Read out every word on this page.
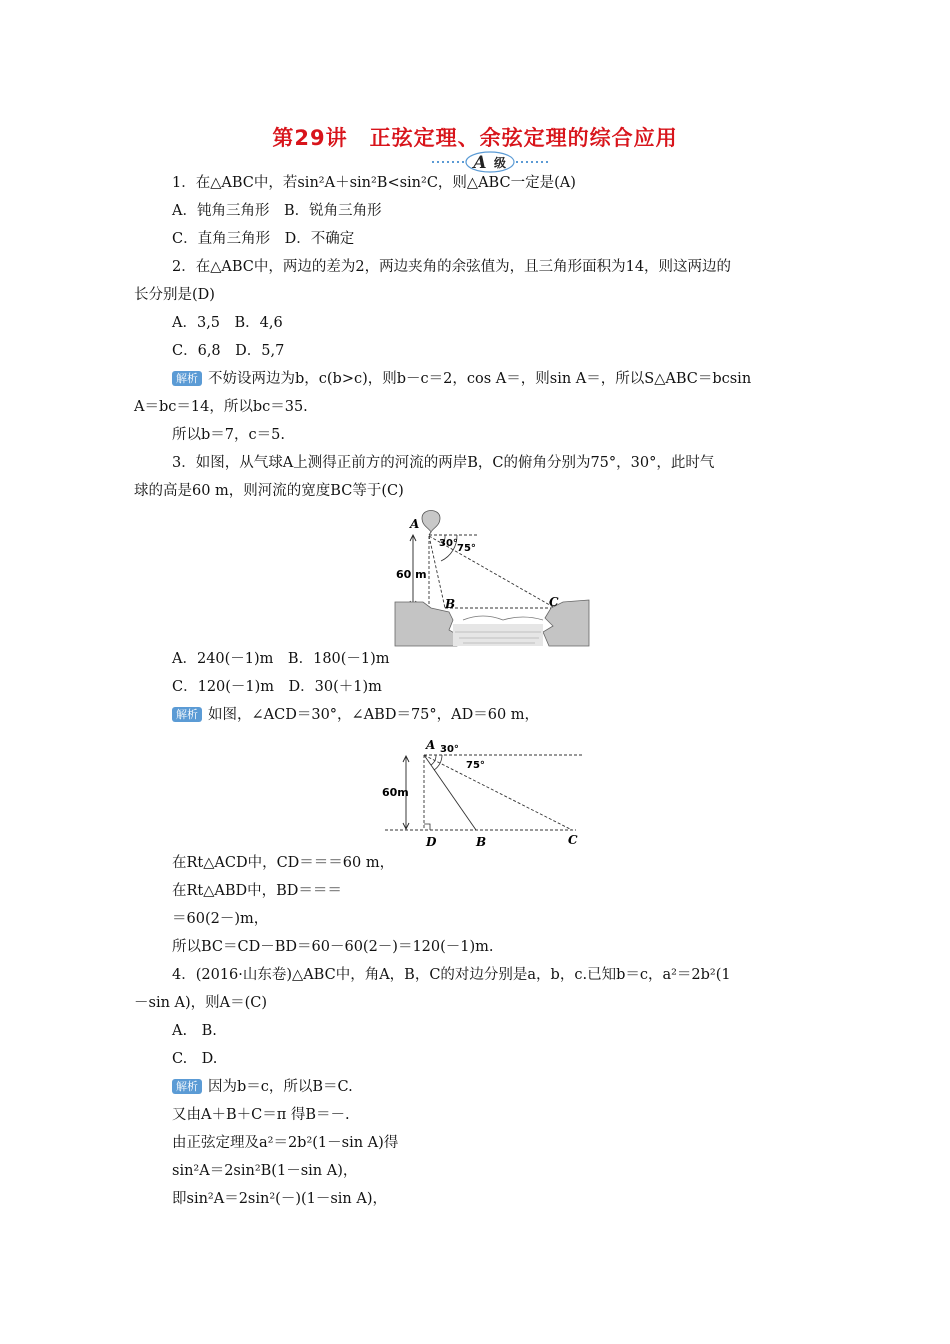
第29讲　正弦定理、余弦定理的综合应用
A 级
1．在△ABC中，若sin²A＋sin²B<sin²C，则△ABC一定是(A)
A．钝角三角形　B．锐角三角形
C．直角三角形　D．不确定
2．在△ABC中，两边的差为2，两边夹角的余弦值为，且三角形面积为14，则这两边的
长分别是(D)
A．3,5　B．4,6
C．6,8　D．5,7
解析 不妨设两边为b，c(b>c)，则b－c＝2，cos A＝，则sin A＝，所以S△ABC＝bcsin
A＝bc＝14，所以bc＝35.
所以b＝7，c＝5.
3．如图，从气球A上测得正前方的河流的两岸B，C的俯角分别为75°，30°，此时气
球的高是60 m，则河流的宽度BC等于(C)
A
B	C
30° 75°
60 m
A．240(－1)m　B．180(－1)m
C．120(－1)m　D．30(＋1)m
解析 如图，∠ACD＝30°，∠ABD＝75°，AD＝60 m，
A
D	B	C
30°
75°
60m
在Rt△ACD中，CD＝＝＝60 m，
在Rt△ABD中，BD＝＝＝
＝60(2－)m，
所以BC＝CD－BD＝60－60(2－)＝120(－1)m.
4．(2016·山东卷)△ABC中，角A，B，C的对边分别是a，b，c.已知b＝c，a²＝2b²(1
－sin A)，则A＝(C)
A.　B.
C.　D.
解析 因为b＝c，所以B＝C.
又由A＋B＋C＝π 得B＝－.
由正弦定理及a²＝2b²(1－sin A)得
sin²A＝2sin²B(1－sin A)，
即sin²A＝2sin²(－)(1－sin A)，
